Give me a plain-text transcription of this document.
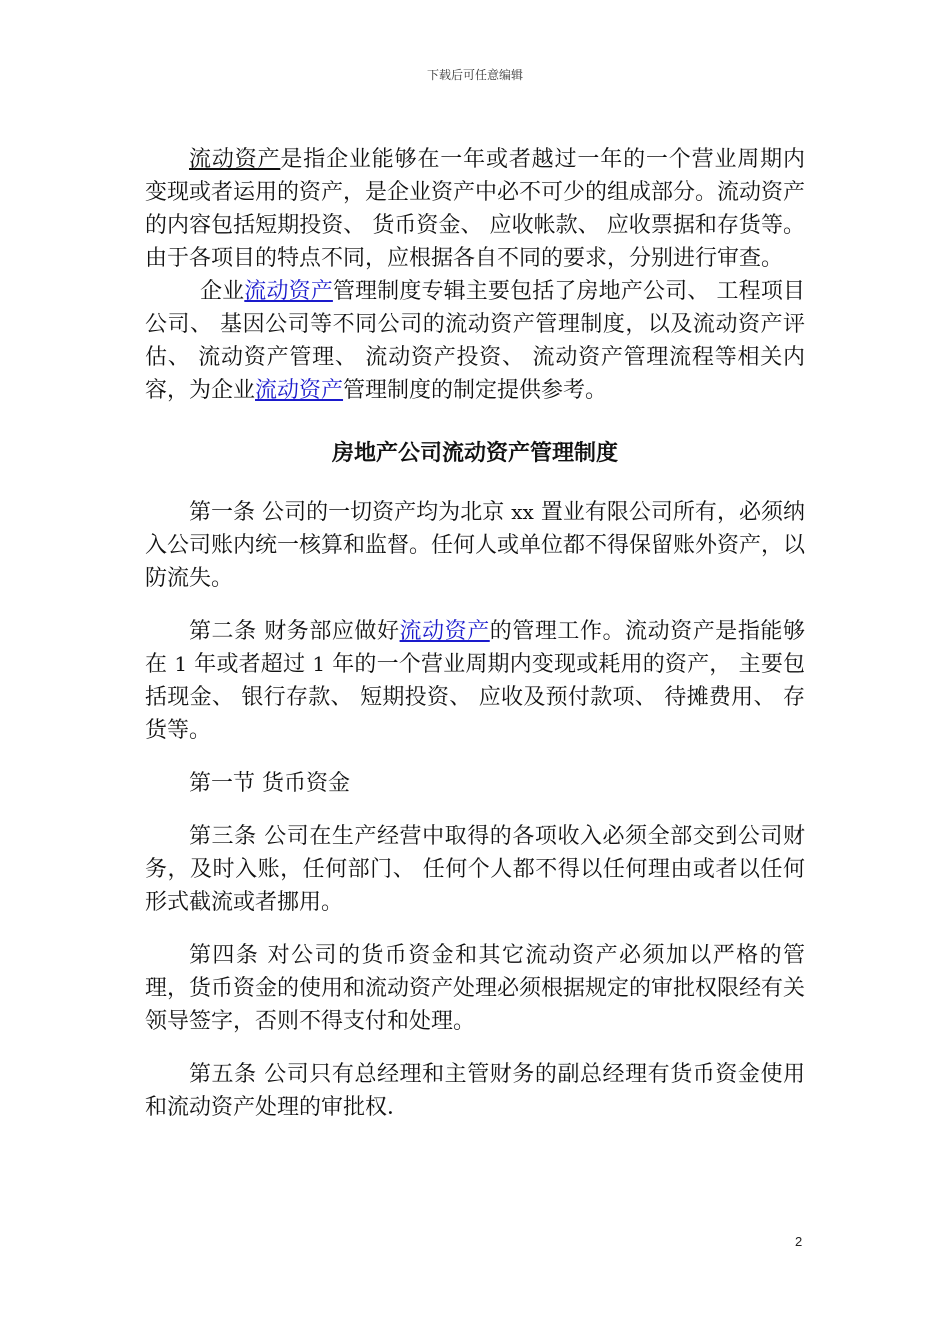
下载后可任意编辑

流动资产是指企业能够在一年或者越过一年的一个营业周期内变现或者运用的资产，是企业资产中必不可少的组成部分。流动资产的内容包括短期投资、 货币资金、 应收帐款、 应收票据和存货等。由于各项目的特点不同，应根据各自不同的要求，分别进行审查。

企业流动资产管理制度专辑主要包括了房地产公司、 工程项目公司、 基因公司等不同公司的流动资产管理制度，以及流动资产评估、 流动资产管理、 流动资产投资、 流动资产管理流程等相关内容，为企业流动资产管理制度的制定提供参考。

房地产公司流动资产管理制度

第一条 公司的一切资产均为北京 xx 置业有限公司所有，必须纳入公司账内统一核算和监督。任何人或单位都不得保留账外资产，以防流失。

第二条 财务部应做好流动资产的管理工作。流动资产是指能够在 1 年或者超过 1 年的一个营业周期内变现或耗用的资产， 主要包括现金、 银行存款、 短期投资、 应收及预付款项、 待摊费用、 存货等。

第一节 货币资金

第三条 公司在生产经营中取得的各项收入必须全部交到公司财务，及时入账，任何部门、 任何个人都不得以任何理由或者以任何形式截流或者挪用。

第四条 对公司的货币资金和其它流动资产必须加以严格的管理，货币资金的使用和流动资产处理必须根据规定的审批权限经有关领导签字，否则不得支付和处理。

第五条 公司只有总经理和主管财务的副总经理有货币资金使用和流动资产处理的审批权．

2
